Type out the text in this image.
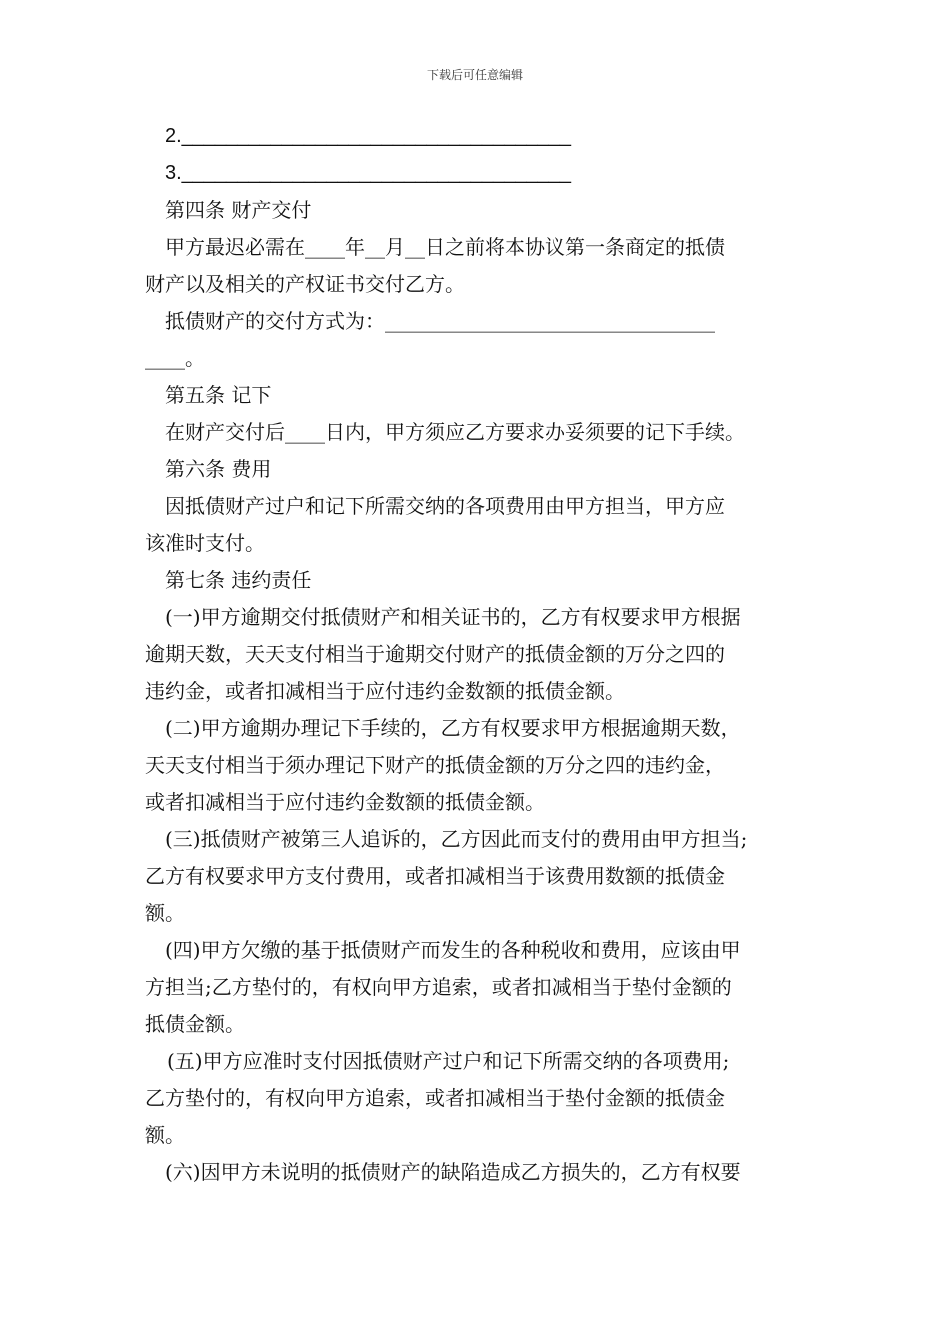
下载后可任意编辑
2.___________________________________
3.___________________________________
第四条 财产交付
甲方最迟必需在____年__月__日之前将本协议第一条商定的抵债
财产以及相关的产权证书交付乙方。
抵债财产的交付方式为：_________________________________
____。
第五条 记下
在财产交付后____日内，甲方须应乙方要求办妥须要的记下手续。
第六条 费用
因抵债财产过户和记下所需交纳的各项费用由甲方担当，甲方应
该准时支付。
第七条 违约责任
(一)甲方逾期交付抵债财产和相关证书的，乙方有权要求甲方根据
逾期天数，天天支付相当于逾期交付财产的抵债金额的万分之四的
违约金，或者扣减相当于应付违约金数额的抵债金额。
(二)甲方逾期办理记下手续的，乙方有权要求甲方根据逾期天数，
天天支付相当于须办理记下财产的抵债金额的万分之四的违约金，
或者扣减相当于应付违约金数额的抵债金额。
(三)抵债财产被第三人追诉的，乙方因此而支付的费用由甲方担当;
乙方有权要求甲方支付费用，或者扣减相当于该费用数额的抵债金
额。
(四)甲方欠缴的基于抵债财产而发生的各种税收和费用，应该由甲
方担当;乙方垫付的，有权向甲方追索，或者扣减相当于垫付金额的
抵债金额。
(五)甲方应准时支付因抵债财产过户和记下所需交纳的各项费用;
乙方垫付的，有权向甲方追索，或者扣减相当于垫付金额的抵债金
额。
(六)因甲方未说明的抵债财产的缺陷造成乙方损失的，乙方有权要
